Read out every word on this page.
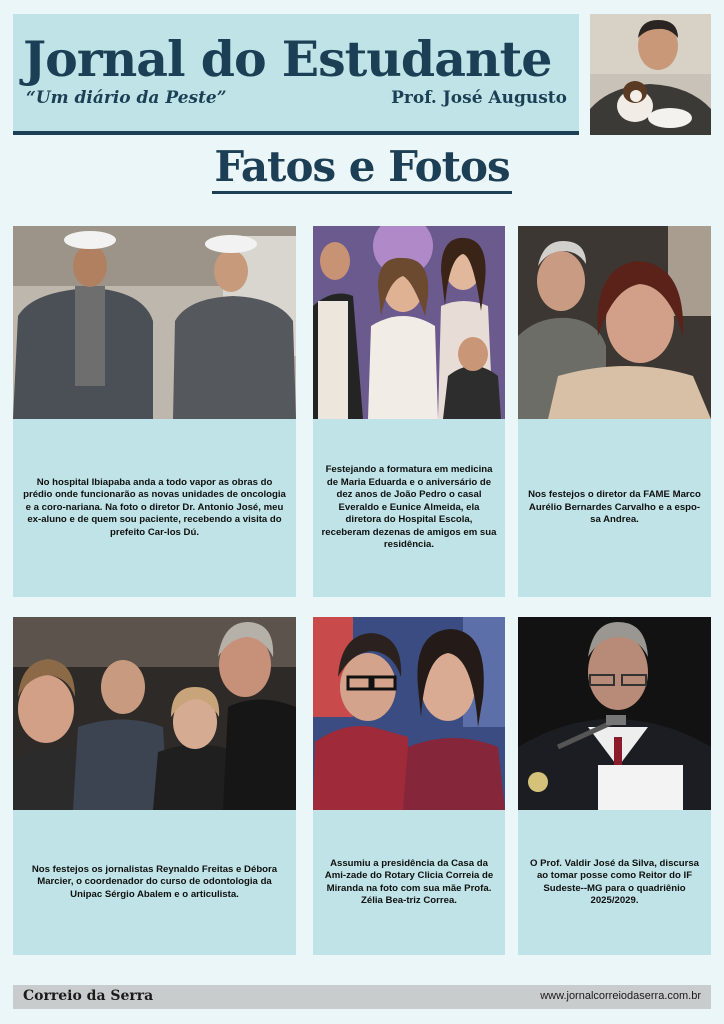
Jornal do Estudante
“Um diário da Peste”	Prof. José Augusto
Fatos e Fotos
No hospital Ibiapaba anda a todo vapor as obras do prédio onde funcionarão as novas unidades de oncologia e a coro-nariana. Na foto o diretor Dr. Antonio José, meu ex-aluno e de quem sou paciente, recebendo a visita do prefeito Car-los Dú.
Festejando a formatura em medicina de Maria Eduarda e o aniversário de dez anos de João Pedro o casal Everaldo e Eunice Almeida, ela diretora do Hospital Escola, receberam dezenas de amigos em sua residência.
Nos festejos o diretor da FAME Marco Aurélio Bernardes Carvalho e a espo-sa Andrea.
Nos festejos os jornalistas Reynaldo Freitas e Débora Marcier, o coordenador do curso de odontologia da Unipac Sérgio Abalem e o articulista.
Assumiu a presidência da Casa da Ami-zade do Rotary Clicia Correia de Miranda na foto com sua mãe Profa. Zélia Bea-triz Correa.
O Prof. Valdir José da Silva, discursa ao tomar posse como Reitor do IF Sudeste--MG para o quadriênio 2025/2029.
Correio da Serra	www.jornalcorreiodaserra.com.br
